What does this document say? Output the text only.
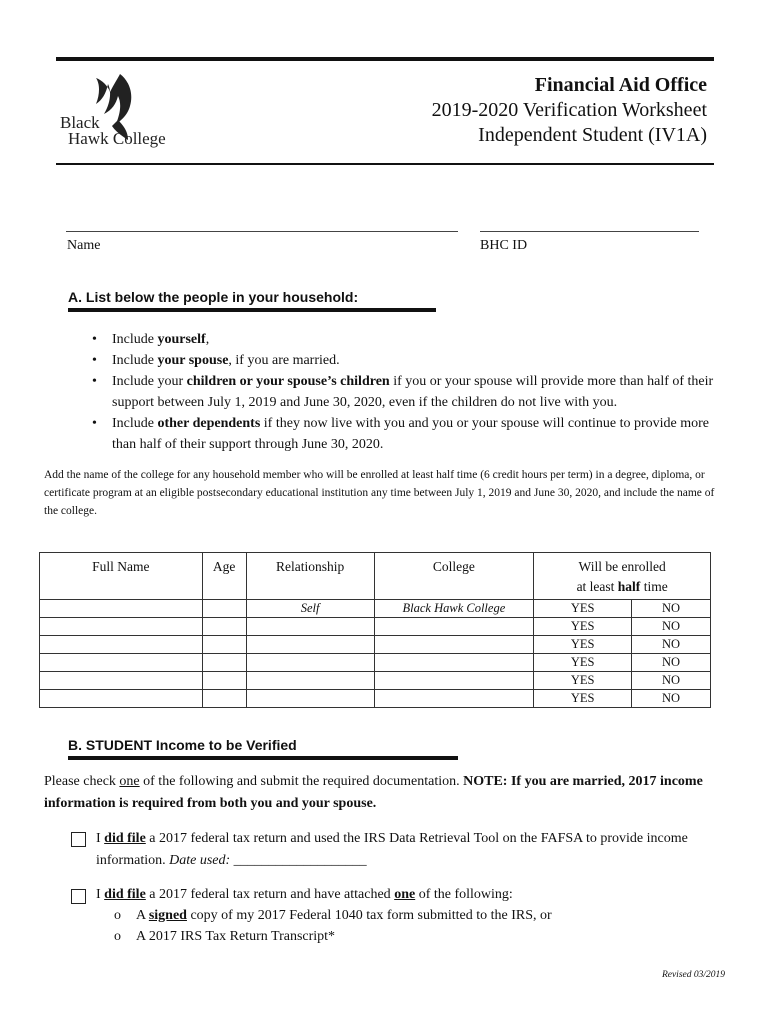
Black
Hawk College
Financial Aid Office
2019-2020 Verification Worksheet
Independent Student (IV1A)
Name	BHC ID
A. List below the people in your household:
• Include yourself,
• Include your spouse, if you are married.
• Include your children or your spouse’s children if you or your spouse will provide more than half of their support between July 1, 2019 and June 30, 2020, even if the children do not live with you.
• Include other dependents if they now live with you and you or your spouse will continue to provide more than half of their support through June 30, 2020.
Add the name of the college for any household member who will be enrolled at least half time (6 credit hours per term) in a degree, diploma, or certificate program at an eligible postsecondary educational institution any time between July 1, 2019 and June 30, 2020, and include the name of the college.
Full Name	Age	Relationship	College	Will be enrolled
at least half time	
		Self	Black Hawk College	YES	NO
				YES	NO
				YES	NO
				YES	NO
				YES	NO
				YES	NO
B. STUDENT Income to be Verified
Please check one of the following and submit the required documentation. NOTE: If you are married, 2017 income information is required from both you and your spouse.
I did file a 2017 federal tax return and used the IRS Data Retrieval Tool on the FAFSA to provide income information. Date used: ___________________
I did file a 2017 federal tax return and have attached one of the following:
o A signed copy of my 2017 Federal 1040 tax form submitted to the IRS, or
o A 2017 IRS Tax Return Transcript*
Revised 03/2019
